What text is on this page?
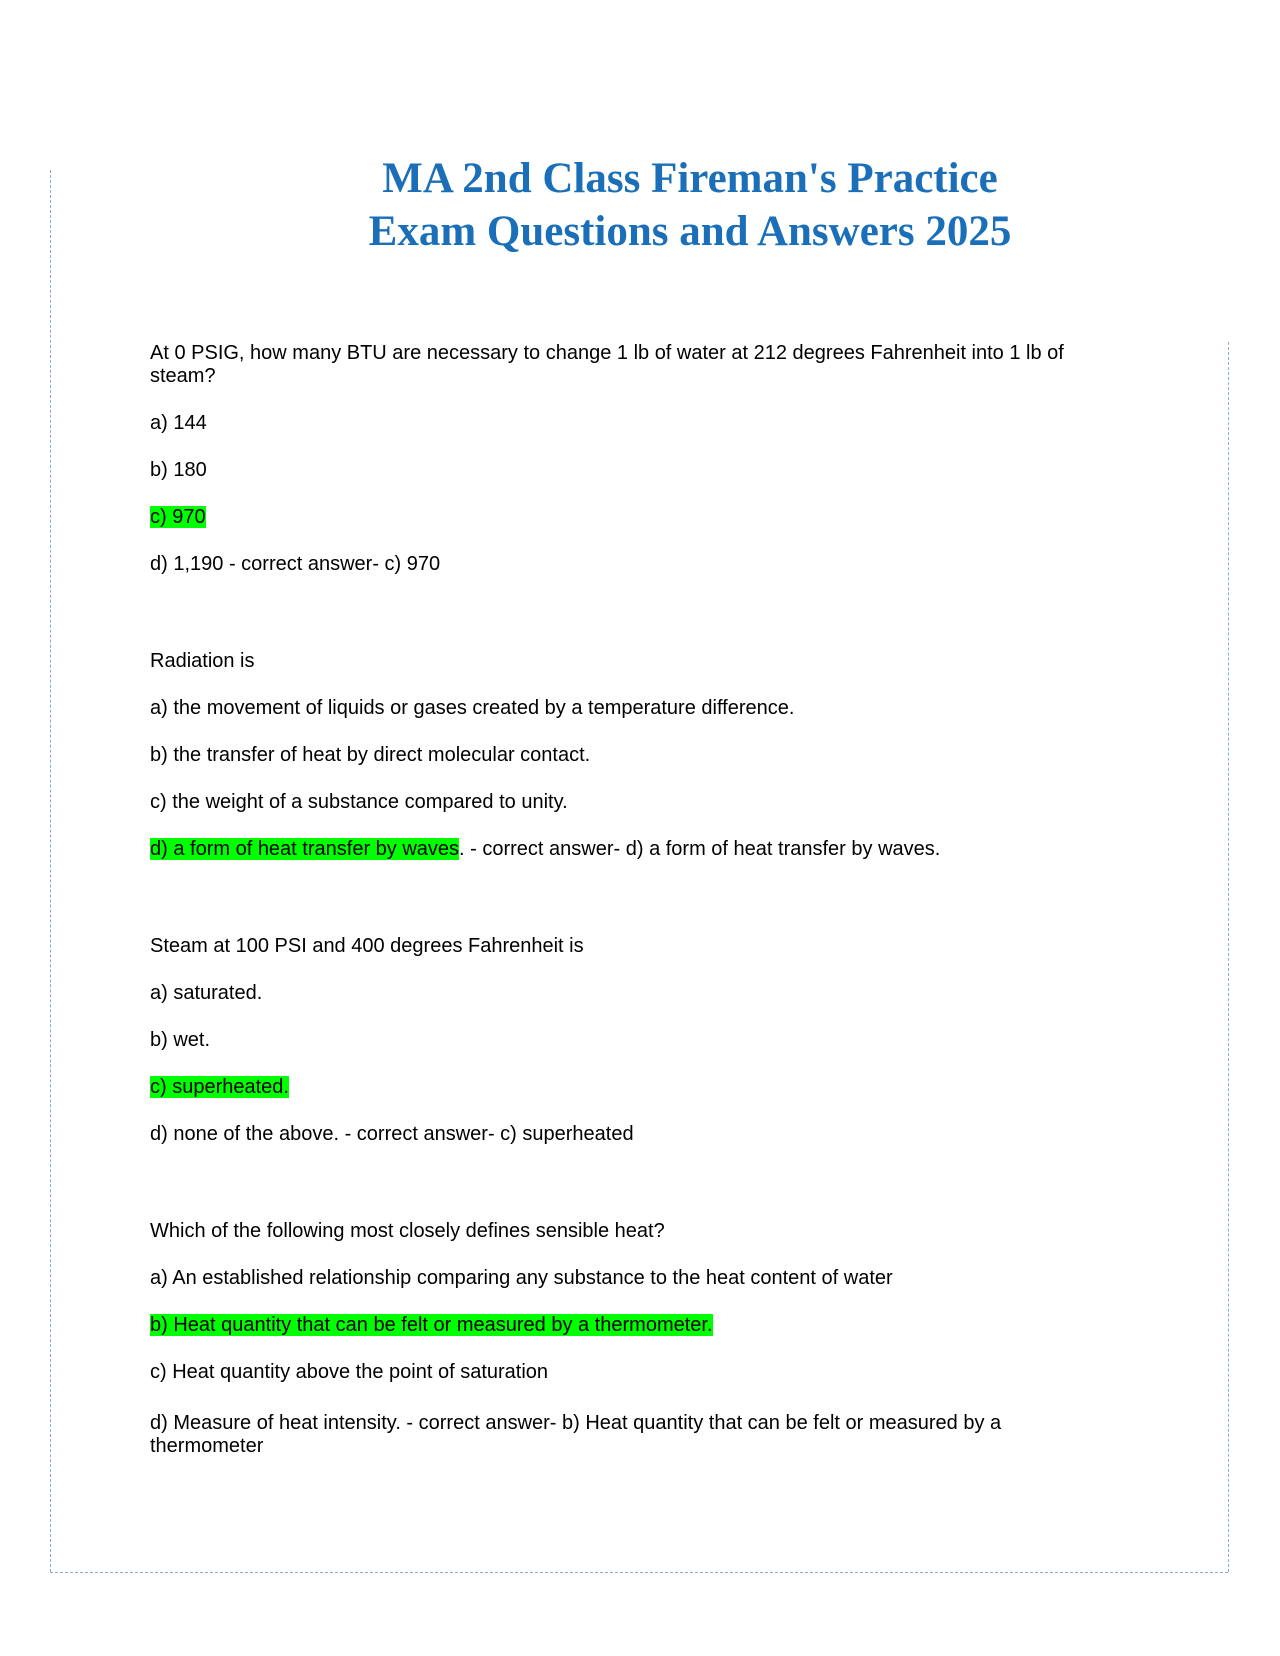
MA 2nd Class Fireman's Practice
Exam Questions and Answers 2025

At 0 PSIG, how many BTU are necessary to change 1 lb of water at 212 degrees Fahrenheit into 1 lb of steam?

a) 144

b) 180

c) 970

d) 1,190 - correct answer- c) 970

Radiation is

a) the movement of liquids or gases created by a temperature difference.

b) the transfer of heat by direct molecular contact.

c) the weight of a substance compared to unity.

d) a form of heat transfer by waves. - correct answer- d) a form of heat transfer by waves.

Steam at 100 PSI and 400 degrees Fahrenheit is

a) saturated.

b) wet.

c) superheated.

d) none of the above. - correct answer- c) superheated

Which of the following most closely defines sensible heat?

a) An established relationship comparing any substance to the heat content of water

b) Heat quantity that can be felt or measured by a thermometer.

c) Heat quantity above the point of saturation

d) Measure of heat intensity. - correct answer- b) Heat quantity that can be felt or measured by a thermometer
